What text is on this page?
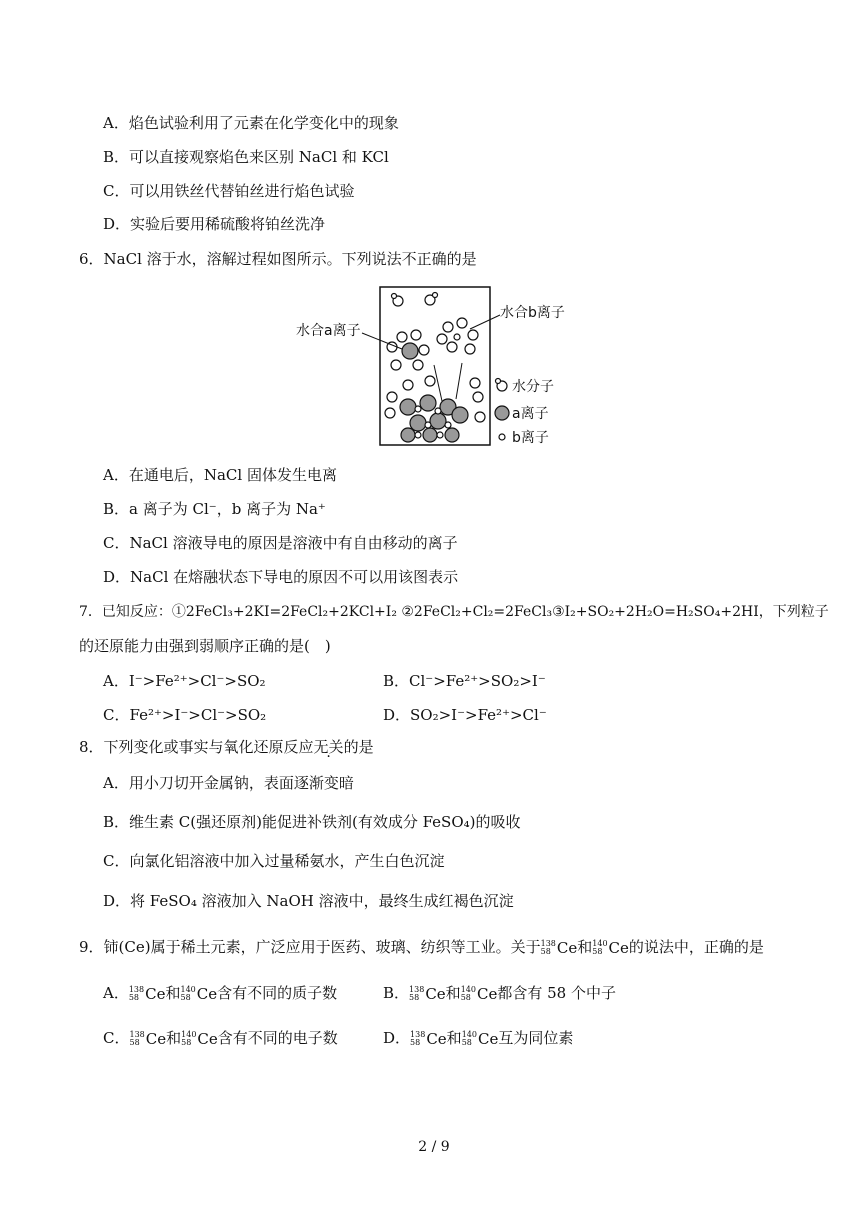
A．焰色试验利用了元素在化学变化中的现象
B．可以直接观察焰色来区别 NaCl 和 KCl
C．可以用铁丝代替铂丝进行焰色试验
D．实验后要用稀硫酸将铂丝洗净
6．NaCl 溶于水，溶解过程如图所示。下列说法不正确的是
水合a离子
水合b离子
水分子
a离子
b离子
A．在通电后，NaCl 固体发生电离
B．a 离子为 Cl⁻，b 离子为 Na⁺
C．NaCl 溶液导电的原因是溶液中有自由移动的离子
D．NaCl 在熔融状态下导电的原因不可以用该图表示
7．已知反应：①2FeCl₃+2KI=2FeCl₂+2KCl+I₂ ②2FeCl₂+Cl₂=2FeCl₃③I₂+SO₂+2H₂O=H₂SO₄+2HI，下列粒子
的还原能力由强到弱顺序正确的是(　)
A．I⁻>Fe²⁺>Cl⁻>SO₂	B．Cl⁻>Fe²⁺>SO₂>I⁻
C．Fe²⁺>I⁻>Cl⁻>SO₂	D．SO₂>I⁻>Fe²⁺>Cl⁻
8．下列变化或事实与氧化还原反应无关的是
A．用小刀切开金属钠，表面逐渐变暗
B．维生素 C(强还原剂)能促进补铁剂(有效成分 FeSO₄)的吸收
C．向氯化铝溶液中加入过量稀氨水，产生白色沉淀
D．将 FeSO₄ 溶液加入 NaOH 溶液中，最终生成红褐色沉淀
9．铈(Ce)属于稀土元素，广泛应用于医药、玻璃、纺织等工业。关于 138
58 Ce 和 140
58 Ce 的说法中，正确的是
A． 138
58 Ce 和 140
58 Ce 含有不同的质子数	B． 138
58 Ce 和 140
58 Ce 都含有 58 个中子
C． 138
58 Ce 和 140
58 Ce 含有不同的电子数	D． 138
58 Ce 和 140
58 Ce 互为同位素
2 / 9
